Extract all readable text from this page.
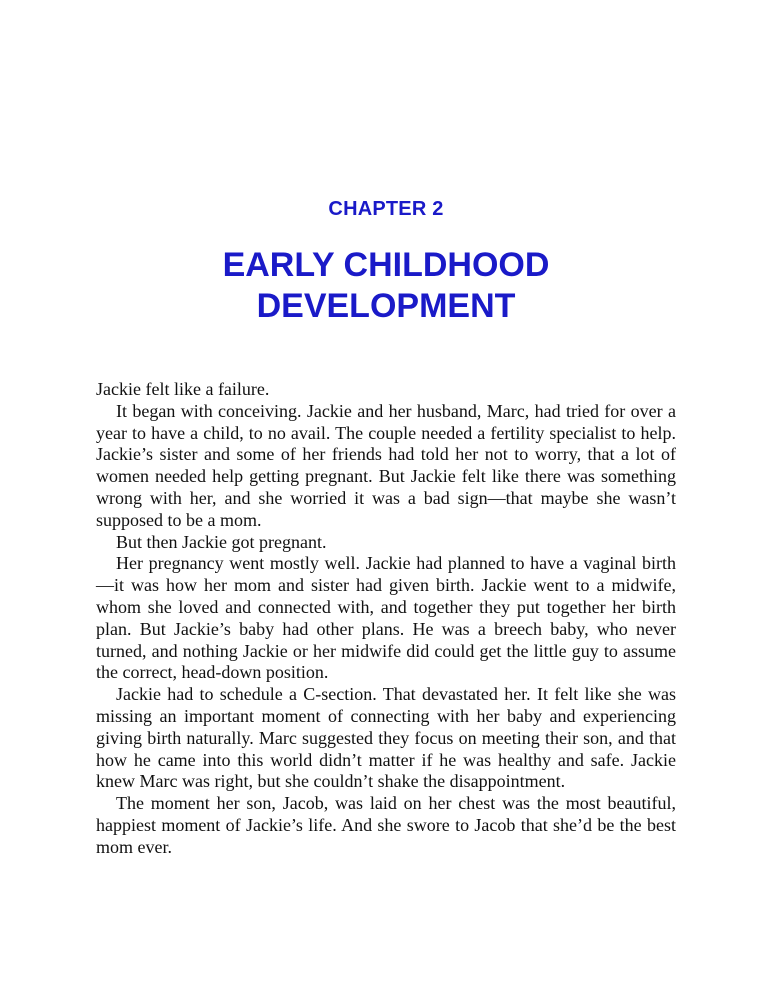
CHAPTER 2
EARLY CHILDHOOD
DEVELOPMENT

Jackie felt like a failure.

It began with conceiving. Jackie and her husband, Marc, had tried for over a year to have a child, to no avail. The couple needed a fertility specialist to help. Jackie’s sister and some of her friends had told her not to worry, that a lot of women needed help getting pregnant. But Jackie felt like there was something wrong with her, and she worried it was a bad sign—that maybe she wasn’t supposed to be a mom.

But then Jackie got pregnant.

Her pregnancy went mostly well. Jackie had planned to have a vaginal birth—it was how her mom and sister had given birth. Jackie went to a midwife, whom she loved and connected with, and together they put together her birth plan. But Jackie’s baby had other plans. He was a breech baby, who never turned, and nothing Jackie or her midwife did could get the little guy to assume the correct, head-down position.

Jackie had to schedule a C-section. That devastated her. It felt like she was missing an important moment of connecting with her baby and experiencing giving birth naturally. Marc suggested they focus on meeting their son, and that how he came into this world didn’t matter if he was healthy and safe. Jackie knew Marc was right, but she couldn’t shake the disappointment.

The moment her son, Jacob, was laid on her chest was the most beautiful, happiest moment of Jackie’s life. And she swore to Jacob that she’d be the best mom ever.
